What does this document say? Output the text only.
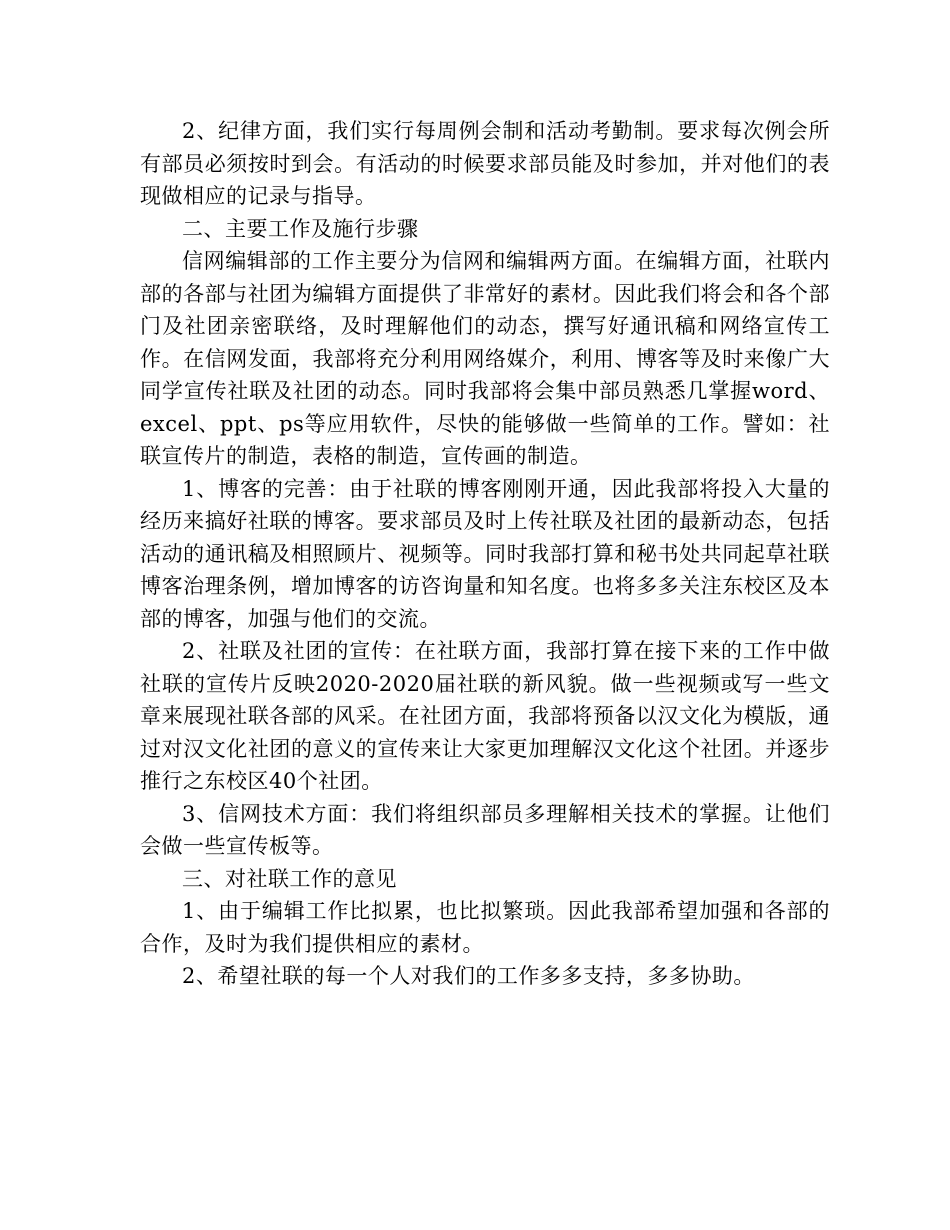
2、纪律方面，我们实行每周例会制和活动考勤制。要求每次例会所有部员必须按时到会。有活动的时候要求部员能及时参加，并对他们的表现做相应的记录与指导。

二、主要工作及施行步骤

信网编辑部的工作主要分为信网和编辑两方面。在编辑方面，社联内部的各部与社团为编辑方面提供了非常好的素材。因此我们将会和各个部门及社团亲密联络，及时理解他们的动态，撰写好通讯稿和网络宣传工作。在信网发面，我部将充分利用网络媒介，利用、博客等及时来像广大同学宣传社联及社团的动态。同时我部将会集中部员熟悉几掌握word、excel、ppt、ps等应用软件，尽快的能够做一些简单的工作。譬如：社联宣传片的制造，表格的制造，宣传画的制造。

1、博客的完善：由于社联的博客刚刚开通，因此我部将投入大量的经历来搞好社联的博客。要求部员及时上传社联及社团的最新动态，包括活动的通讯稿及相照顾片、视频等。同时我部打算和秘书处共同起草社联博客治理条例，增加博客的访咨询量和知名度。也将多多关注东校区及本部的博客，加强与他们的交流。

2、社联及社团的宣传：在社联方面，我部打算在接下来的工作中做社联的宣传片反映2020-2020届社联的新风貌。做一些视频或写一些文章来展现社联各部的风采。在社团方面，我部将预备以汉文化为模版，通过对汉文化社团的意义的宣传来让大家更加理解汉文化这个社团。并逐步推行之东校区40个社团。

3、信网技术方面：我们将组织部员多理解相关技术的掌握。让他们会做一些宣传板等。

三、对社联工作的意见

1、由于编辑工作比拟累，也比拟繁琐。因此我部希望加强和各部的合作，及时为我们提供相应的素材。

2、希望社联的每一个人对我们的工作多多支持，多多协助。
